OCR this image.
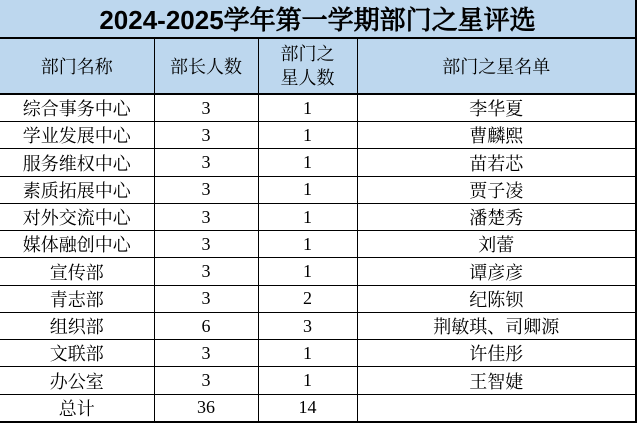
2024-2025学年第一学期部门之星评选			
部门名称	部长人数	部门之星人数	部门之星名单
综合事务中心	3	1	李华夏
学业发展中心	3	1	曹麟熙
服务维权中心	3	1	苗若芯
素质拓展中心	3	1	贾子凌
对外交流中心	3	1	潘楚秀
媒体融创中心	3	1	刘蕾
宣传部	3	1	谭彦彦
青志部	3	2	纪陈钡
组织部	6	3	荆敏琪、司卿源
文联部	3	1	许佳彤
办公室	3	1	王智婕
总计	36	14	
